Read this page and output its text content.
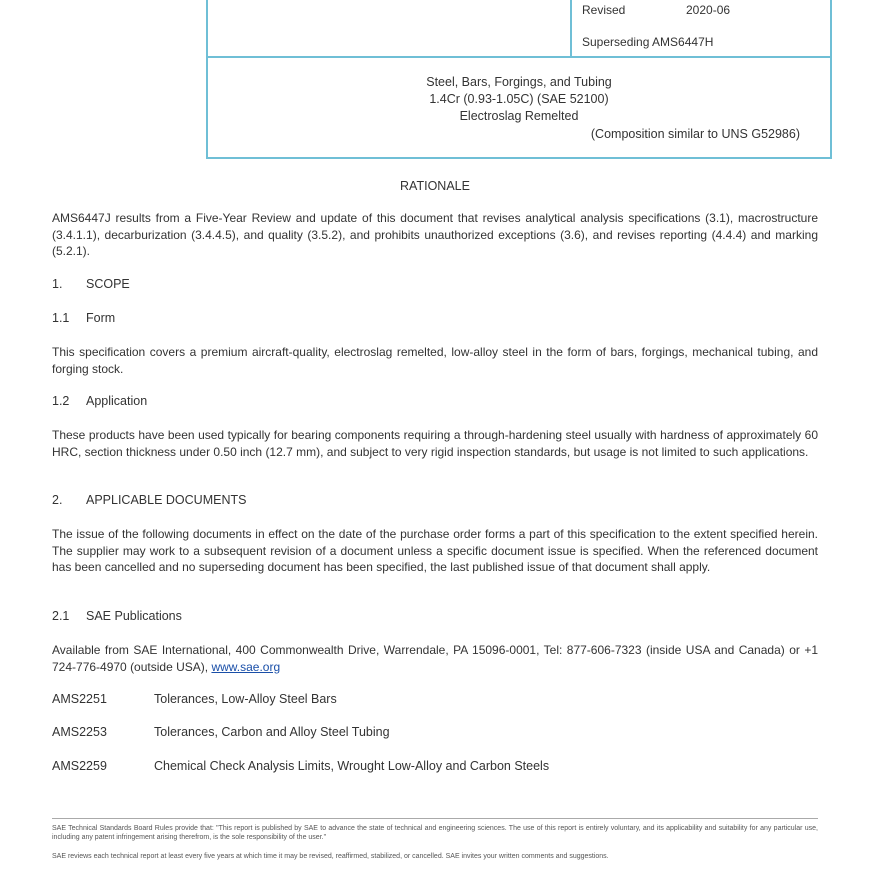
Revised	2020-06
Superseding AMS6447H
Steel, Bars, Forgings, and Tubing
1.4Cr (0.93-1.05C) (SAE 52100)
Electroslag Remelted
(Composition similar to UNS G52986)
RATIONALE
AMS6447J results from a Five-Year Review and update of this document that revises analytical analysis specifications (3.1), macrostructure (3.4.1.1), decarburization (3.4.4.5), and quality (3.5.2), and prohibits unauthorized exceptions (3.6), and revises reporting (4.4.4) and marking (5.2.1).
1. SCOPE
1.1 Form
This specification covers a premium aircraft-quality, electroslag remelted, low-alloy steel in the form of bars, forgings, mechanical tubing, and forging stock.
1.2 Application
These products have been used typically for bearing components requiring a through-hardening steel usually with hardness of approximately 60 HRC, section thickness under 0.50 inch (12.7 mm), and subject to very rigid inspection standards, but usage is not limited to such applications.
2. APPLICABLE DOCUMENTS
The issue of the following documents in effect on the date of the purchase order forms a part of this specification to the extent specified herein. The supplier may work to a subsequent revision of a document unless a specific document issue is specified. When the referenced document has been cancelled and no superseding document has been specified, the last published issue of that document shall apply.
2.1 SAE Publications
Available from SAE International, 400 Commonwealth Drive, Warrendale, PA 15096-0001, Tel: 877-606-7323 (inside USA and Canada) or +1 724-776-4970 (outside USA), www.sae.org
AMS2251	Tolerances, Low-Alloy Steel Bars
AMS2253	Tolerances, Carbon and Alloy Steel Tubing
AMS2259	Chemical Check Analysis Limits, Wrought Low-Alloy and Carbon Steels
SAE Technical Standards Board Rules provide that: "This report is published by SAE to advance the state of technical and engineering sciences. The use of this report is entirely voluntary, and its applicability and suitability for any particular use, including any patent infringement arising therefrom, is the sole responsibility of the user."
SAE reviews each technical report at least every five years at which time it may be revised, reaffirmed, stabilized, or cancelled. SAE invites your written comments and suggestions.
